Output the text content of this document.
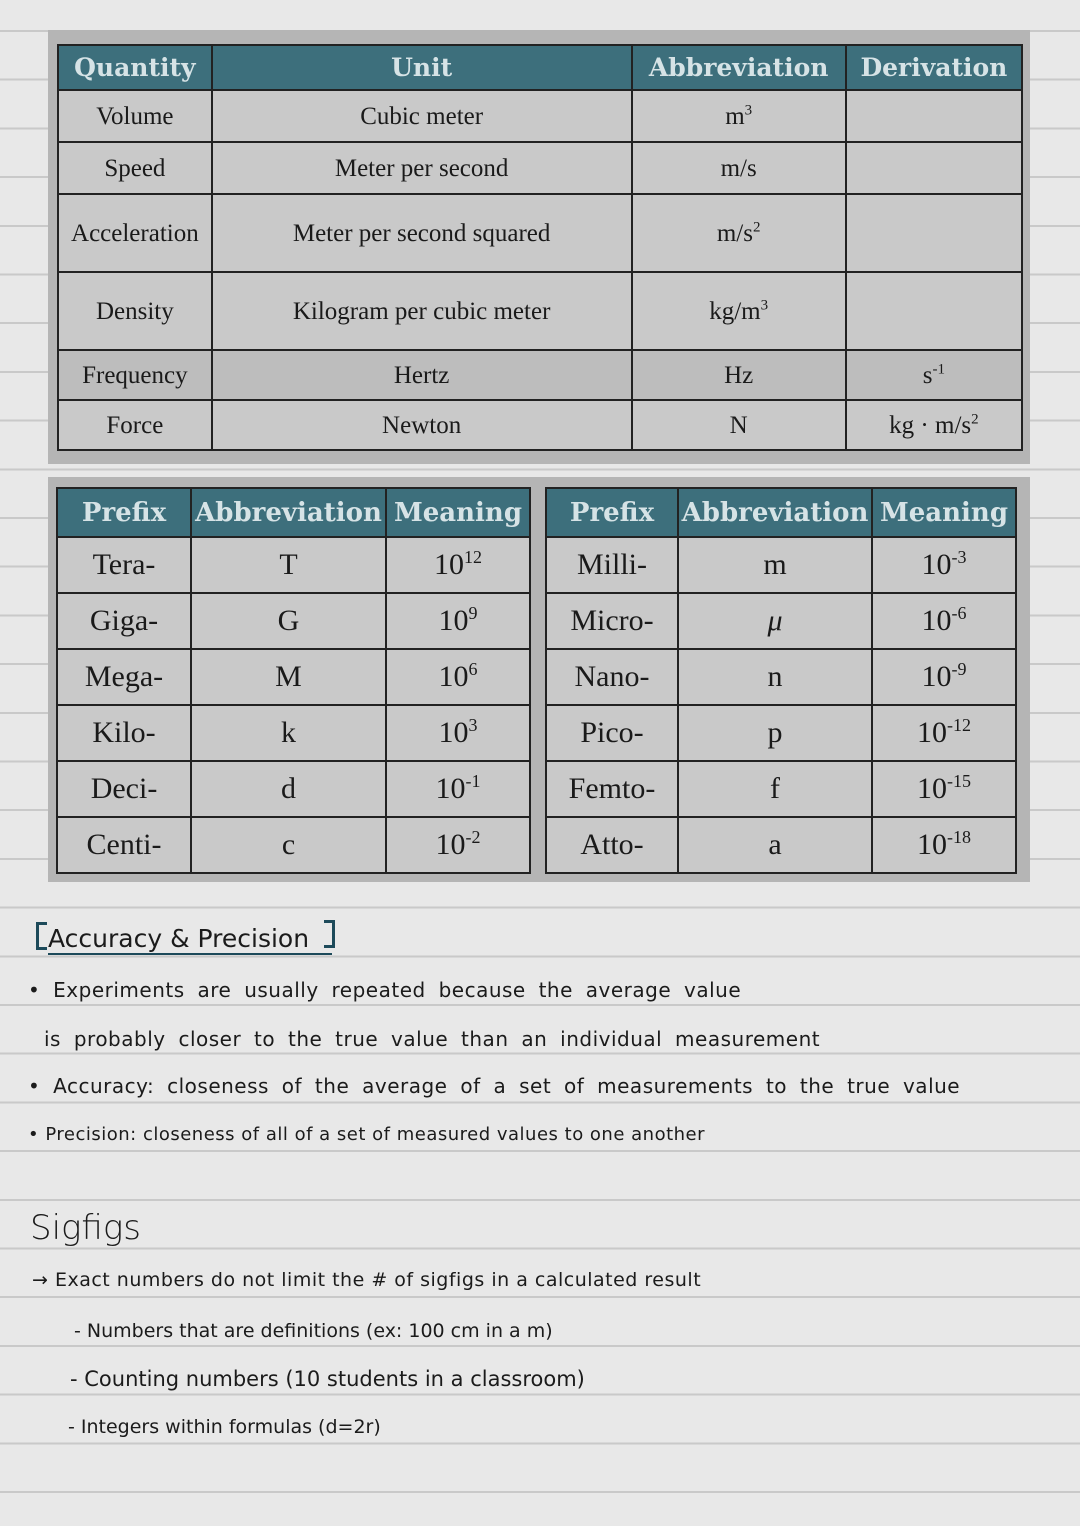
Quantity	Unit	Abbreviation	Derivation
Volume	Cubic meter	$m^3$	
Speed	Meter per second	m/s	
Acceleration	Meter per second squared	$m/s^2$	
Density	Kilogram per cubic meter	$kg/m^3$	
Frequency	Hertz	Hz	$s^{-1}$
Force	Newton	N	kg · $m/s^2$
Prefix	Abbreviation	Meaning
Tera-	T	$10^{12}$
Giga-	G	$10^9$
Mega-	M	$10^6$
Kilo-	k	$10^3$
Deci-	d	$10^{-1}$
Centi-	c	$10^{-2}$
Prefix	Abbreviation	Meaning
Milli-	m	$10^{-3}$
Micro-	μ	$10^{-6}$
Nano-	n	$10^{-9}$
Pico-	p	$10^{-12}$
Femto-	f	$10^{-15}$
Atto-	a	$10^{-18}$
Accuracy & Precision
• Experiments are usually repeated because the average value
is probably closer to the true value than an individual measurement
• Accuracy: closeness of the average of a set of measurements to the true value
• Precision: closeness of all of a set of measured values to one another
Sigfigs
→ Exact numbers do not limit the # of sigfigs in a calculated result
- Numbers that are definitions (ex: 100 cm in a m)
- Counting numbers (10 students in a classroom)
- Integers within formulas (d=2r)
